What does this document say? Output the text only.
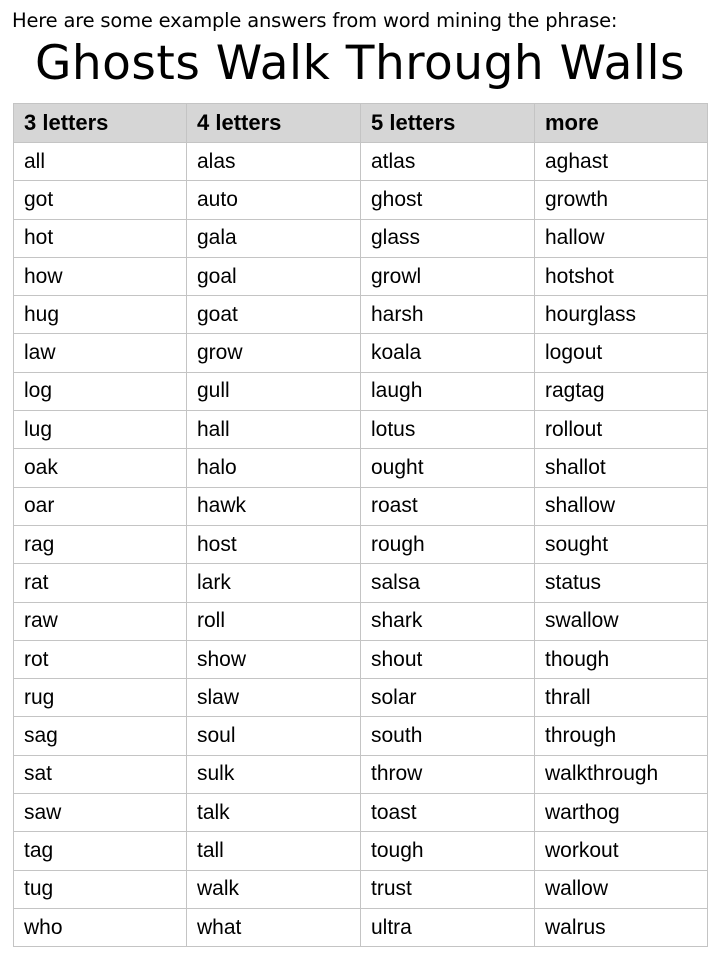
Here are some example answers from word mining the phrase:
Ghosts Walk Through Walls
3 letters	4 letters	5 letters	more
all	alas	atlas	aghast
got	auto	ghost	growth
hot	gala	glass	hallow
how	goal	growl	hotshot
hug	goat	harsh	hourglass
law	grow	koala	logout
log	gull	laugh	ragtag
lug	hall	lotus	rollout
oak	halo	ought	shallot
oar	hawk	roast	shallow
rag	host	rough	sought
rat	lark	salsa	status
raw	roll	shark	swallow
rot	show	shout	though
rug	slaw	solar	thrall
sag	soul	south	through
sat	sulk	throw	walkthrough
saw	talk	toast	warthog
tag	tall	tough	workout
tug	walk	trust	wallow
who	what	ultra	walrus
